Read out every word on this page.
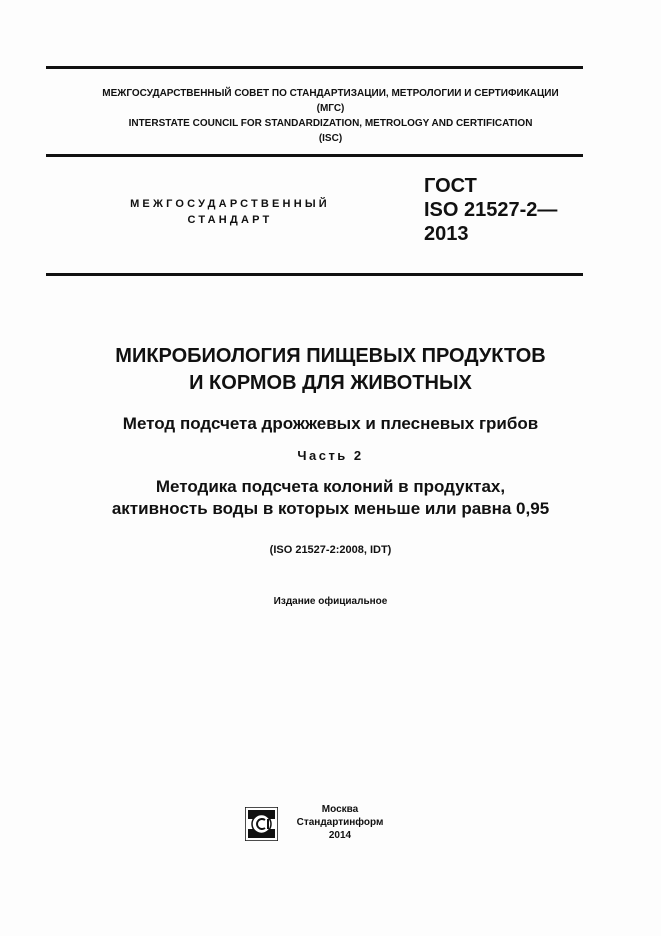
МЕЖГОСУДАРСТВЕННЫЙ СОВЕТ ПО СТАНДАРТИЗАЦИИ, МЕТРОЛОГИИ И СЕРТИФИКАЦИИ
(МГС)
INTERSTATE COUNCIL FOR STANDARDIZATION, METROLOGY AND CERTIFICATION
(ISC)
МЕЖГОСУДАРСТВЕННЫЙ
СТАНДАРТ
ГОСТ
ISO 21527-2—
2013
МИКРОБИОЛОГИЯ ПИЩЕВЫХ ПРОДУКТОВ
И КОРМОВ ДЛЯ ЖИВОТНЫХ
Метод подсчета дрожжевых и плесневых грибов
Часть 2
Методика подсчета колоний в продуктах,
активность воды в которых меньше или равна 0,95
(ISO 21527-2:2008, IDT)
Издание официальное
Москва
Стандартинформ
2014
